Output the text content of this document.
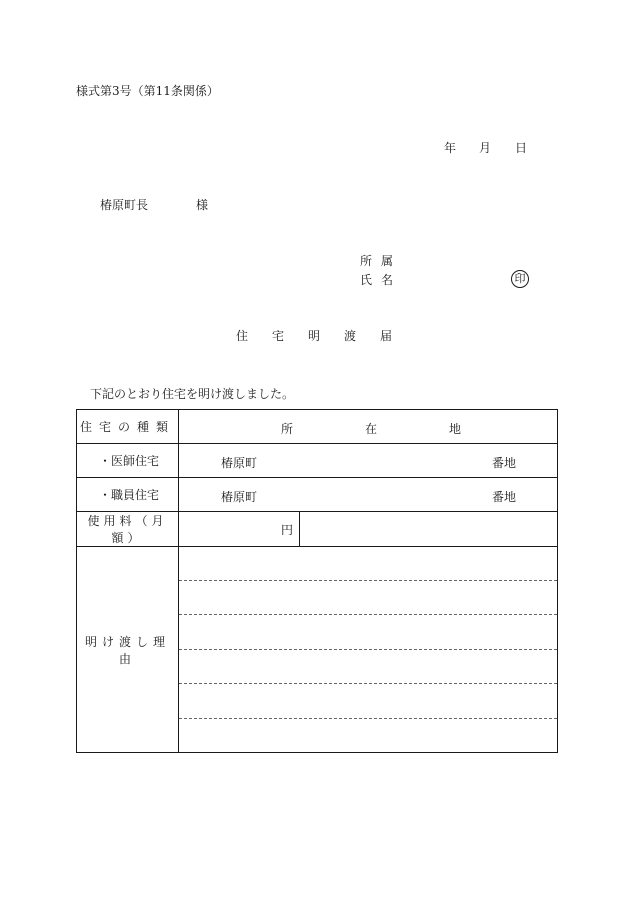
様式第3号（第11条関係）
年 月 日
椿原町長	様
所属
氏名	印
住 宅 明 渡 届
下記のとおり住宅を明け渡しました。
住宅の種類	所 在 地	

・医師住宅	椿原町 番地	

・職員住宅	椿原町 番地	

使用料（月額）	円	
明け渡し理由		
